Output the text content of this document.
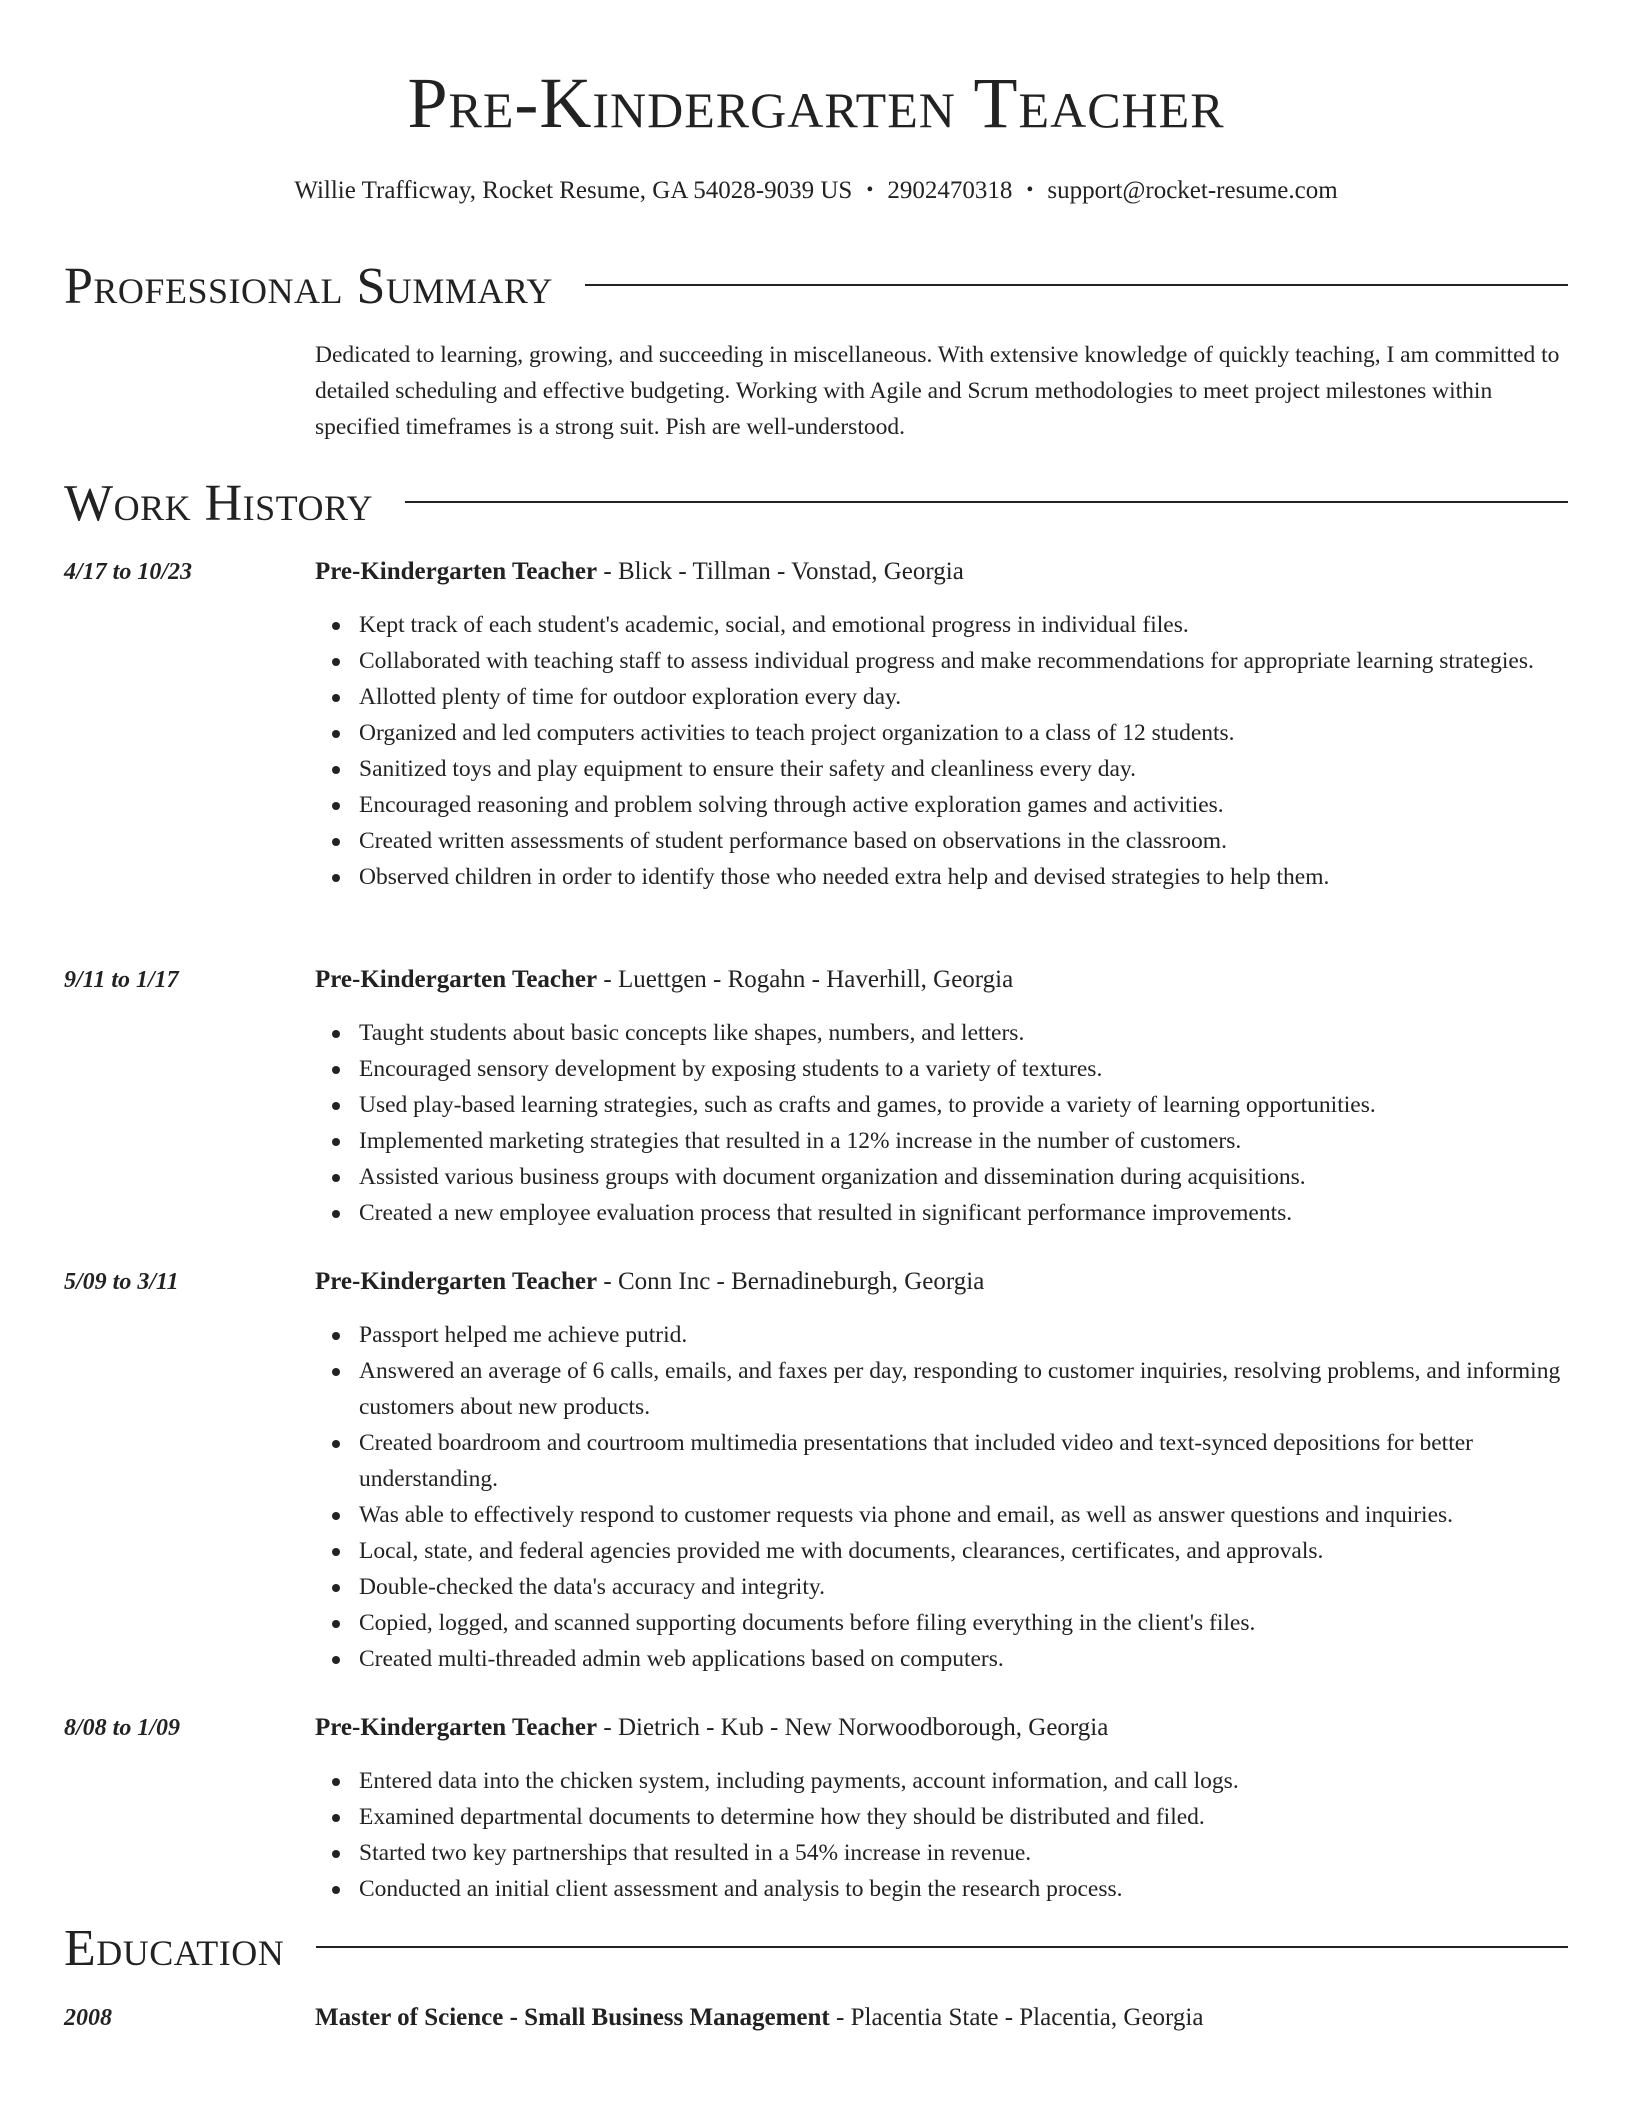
Pre-Kindergarten Teacher
Willie Trafficway, Rocket Resume, GA 54028-9039 US • 2902470318 • support@rocket-resume.com
Professional Summary

Dedicated to learning, growing, and succeeding in miscellaneous. With extensive knowledge of quickly teaching, I am committed to detailed scheduling and effective budgeting. Working with Agile and Scrum methodologies to meet project milestones within specified timeframes is a strong suit. Pish are well-understood.

Work History
4/17 to 10/23	Pre-Kindergarten Teacher - Blick - Tillman - Vonstad, Georgia
Kept track of each student's academic, social, and emotional progress in individual files.
Collaborated with teaching staff to assess individual progress and make recommendations for appropriate learning strategies.
Allotted plenty of time for outdoor exploration every day.
Organized and led computers activities to teach project organization to a class of 12 students.
Sanitized toys and play equipment to ensure their safety and cleanliness every day.
Encouraged reasoning and problem solving through active exploration games and activities.
Created written assessments of student performance based on observations in the classroom.
Observed children in order to identify those who needed extra help and devised strategies to help them.
9/11 to 1/17	Pre-Kindergarten Teacher - Luettgen - Rogahn - Haverhill, Georgia
Taught students about basic concepts like shapes, numbers, and letters.
Encouraged sensory development by exposing students to a variety of textures.
Used play-based learning strategies, such as crafts and games, to provide a variety of learning opportunities.
Implemented marketing strategies that resulted in a 12% increase in the number of customers.
Assisted various business groups with document organization and dissemination during acquisitions.
Created a new employee evaluation process that resulted in significant performance improvements.
5/09 to 3/11	Pre-Kindergarten Teacher - Conn Inc - Bernadineburgh, Georgia
Passport helped me achieve putrid.
Answered an average of 6 calls, emails, and faxes per day, responding to customer inquiries, resolving problems, and informing customers about new products.
Created boardroom and courtroom multimedia presentations that included video and text-synced depositions for better understanding.
Was able to effectively respond to customer requests via phone and email, as well as answer questions and inquiries.
Local, state, and federal agencies provided me with documents, clearances, certificates, and approvals.
Double-checked the data's accuracy and integrity.
Copied, logged, and scanned supporting documents before filing everything in the client's files.
Created multi-threaded admin web applications based on computers.
8/08 to 1/09	Pre-Kindergarten Teacher - Dietrich - Kub - New Norwoodborough, Georgia
Entered data into the chicken system, including payments, account information, and call logs.
Examined departmental documents to determine how they should be distributed and filed.
Started two key partnerships that resulted in a 54% increase in revenue.
Conducted an initial client assessment and analysis to begin the research process.
Education
2008	Master of Science - Small Business Management - Placentia State - Placentia, Georgia
